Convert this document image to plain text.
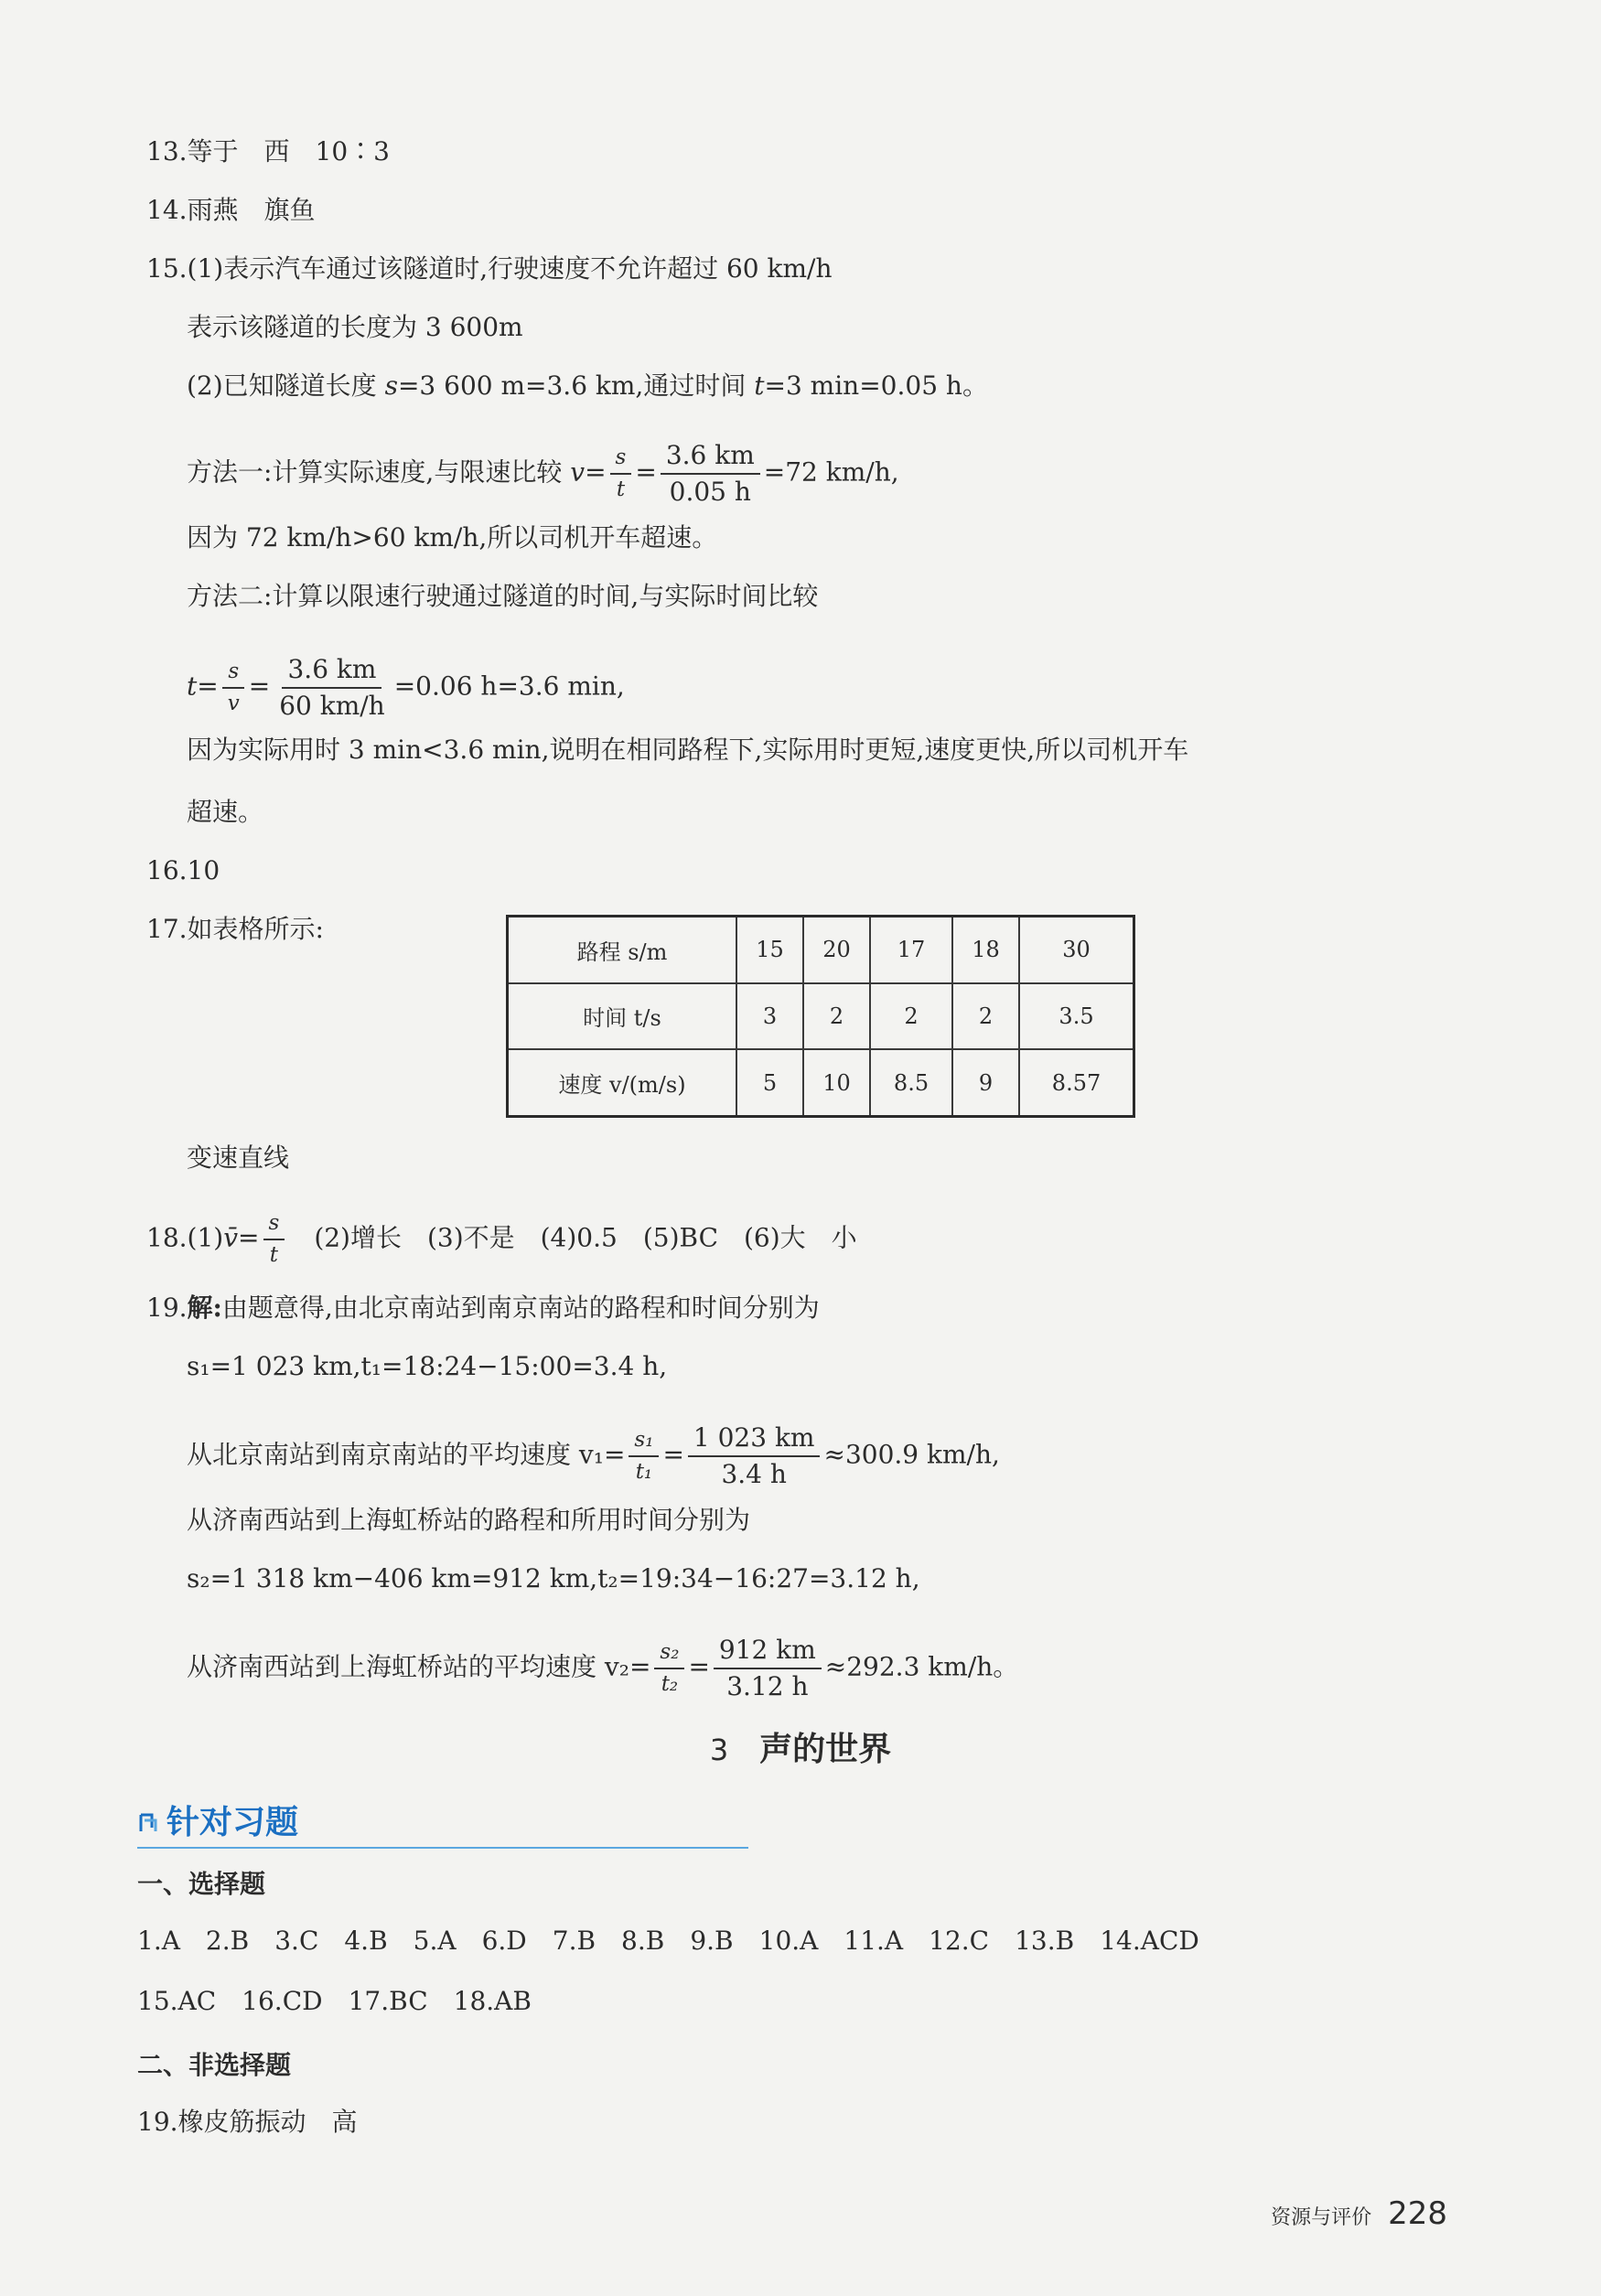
13.等于　西　10∶3
14.雨燕　旗鱼
15.(1)表示汽车通过该隧道时,行驶速度不允许超过 60 km/h
表示该隧道的长度为 3 600m
(2)已知隧道长度 s=3 600 m=3.6 km,通过时间 t=3 min=0.05 h。
方法一:计算实际速度,与限速比较 $v= \frac{s}{t} = \frac{3.6 km}{0.05 h} =72$ km/h,
因为 72 km/h>60 km/h,所以司机开车超速。
方法二:计算以限速行驶通过隧道的时间,与实际时间比较
$t= \frac{s}{v} = \frac{3.6 km}{60 km/h} =0.06$ h=3.6 min,
因为实际用时 3 min<3.6 min,说明在相同路程下,实际用时更短,速度更快,所以司机开车
超速。
16.10
17.如表格所示:
路程 s/m	15	20	17	18	30
时间 t/s	3	2	2	2	3.5
速度 v/(m/s)	5	10	8.5	9	8.57
变速直线
18.(1)v̄= $\frac{s}{t}$ 　(2)增长　(3)不是　(4)0.5　(5)BC　(6)大　小
19.解:由题意得,由北京南站到南京南站的路程和时间分别为
s₁=1 023 km,t₁=18:24−15:00=3.4 h,
从北京南站到南京南站的平均速度 $v_1= \frac{\text{s₁}}{\text{t₁}} = \frac{1 023 km}{3.4 h} \approx 300.9$ km/h,
从济南西站到上海虹桥站的路程和所用时间分别为
s₂=1 318 km−406 km=912 km,t₂=19:34−16:27=3.12 h,
从济南西站到上海虹桥站的平均速度 $v_2= \frac{\text{s₂}}{\text{t₂}} = \frac{912 km}{3.12 h} \approx 292.3$ km/h。
3 声的世界
针对习题
一、选择题
1.A　2.B　3.C　4.B　5.A　6.D　7.B　8.B　9.B　10.A　11.A　12.C　13.B　14.ACD
15.AC　16.CD　17.BC　18.AB
二、非选择题
19.橡皮筋振动　高
资源与评价 228
